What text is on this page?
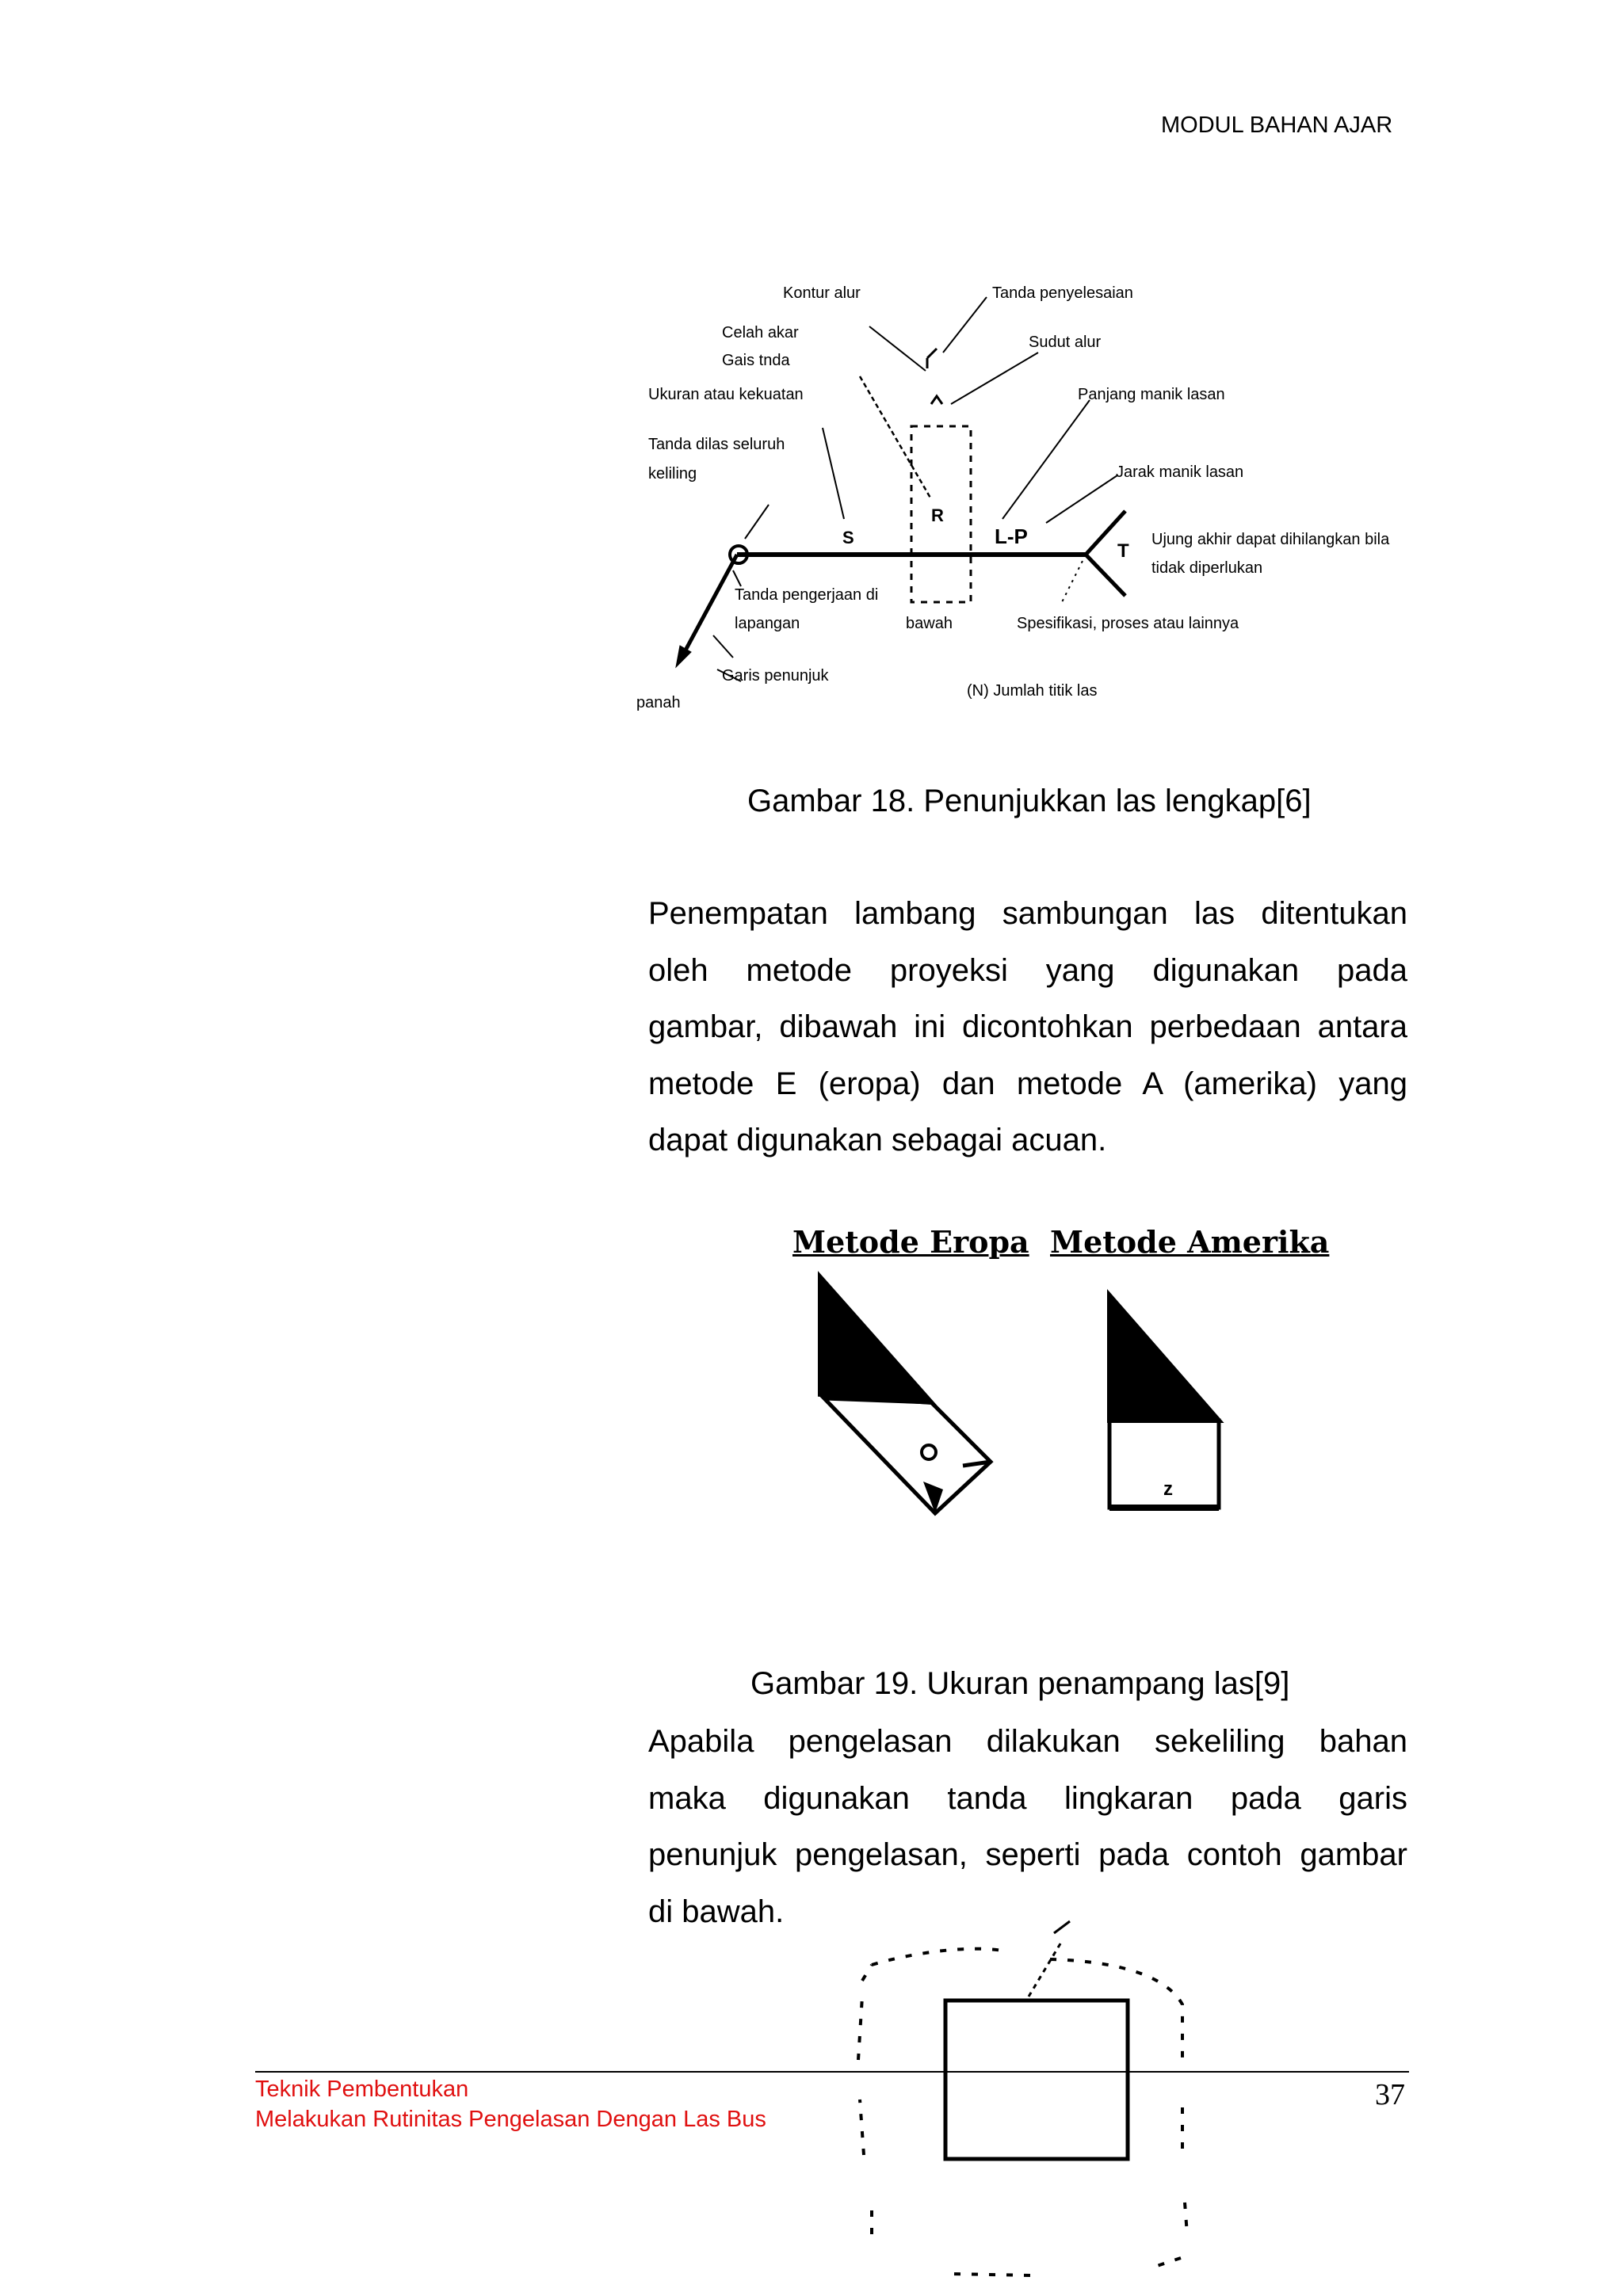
MODUL BAHAN AJAR
S
R
L-P
T
Kontur alur	Tanda penyelesaian
Celah akar
Gais tnda
Sudut alur
Ukuran atau kekuatan	Panjang manik lasan
Tanda dilas seluruh
keliling	Jarak manik lasan
Ujung akhir dapat dihilangkan bila
tidak diperlukan
Tanda pengerjaan di
lapangan	bawah	Spesifikasi, proses atau lainnya
Garis penunjuk
(N) Jumlah titik las
panah
Gambar 18. Penunjukkan las lengkap[6]
Penempatan lambang sambungan las ditentukan
oleh metode proyeksi yang digunakan pada
gambar, dibawah ini dicontohkan perbedaan antara
metode E (eropa) dan metode A (amerika) yang
dapat digunakan sebagai acuan.
Metode Eropa Metode Amerika
z
Gambar 19. Ukuran penampang las[9]
Apabila pengelasan dilakukan sekeliling bahan
maka digunakan tanda lingkaran pada garis
penunjuk pengelasan, seperti pada contoh gambar
di bawah.
Teknik Pembentukan
Melakukan Rutinitas Pengelasan Dengan Las Bus
37
